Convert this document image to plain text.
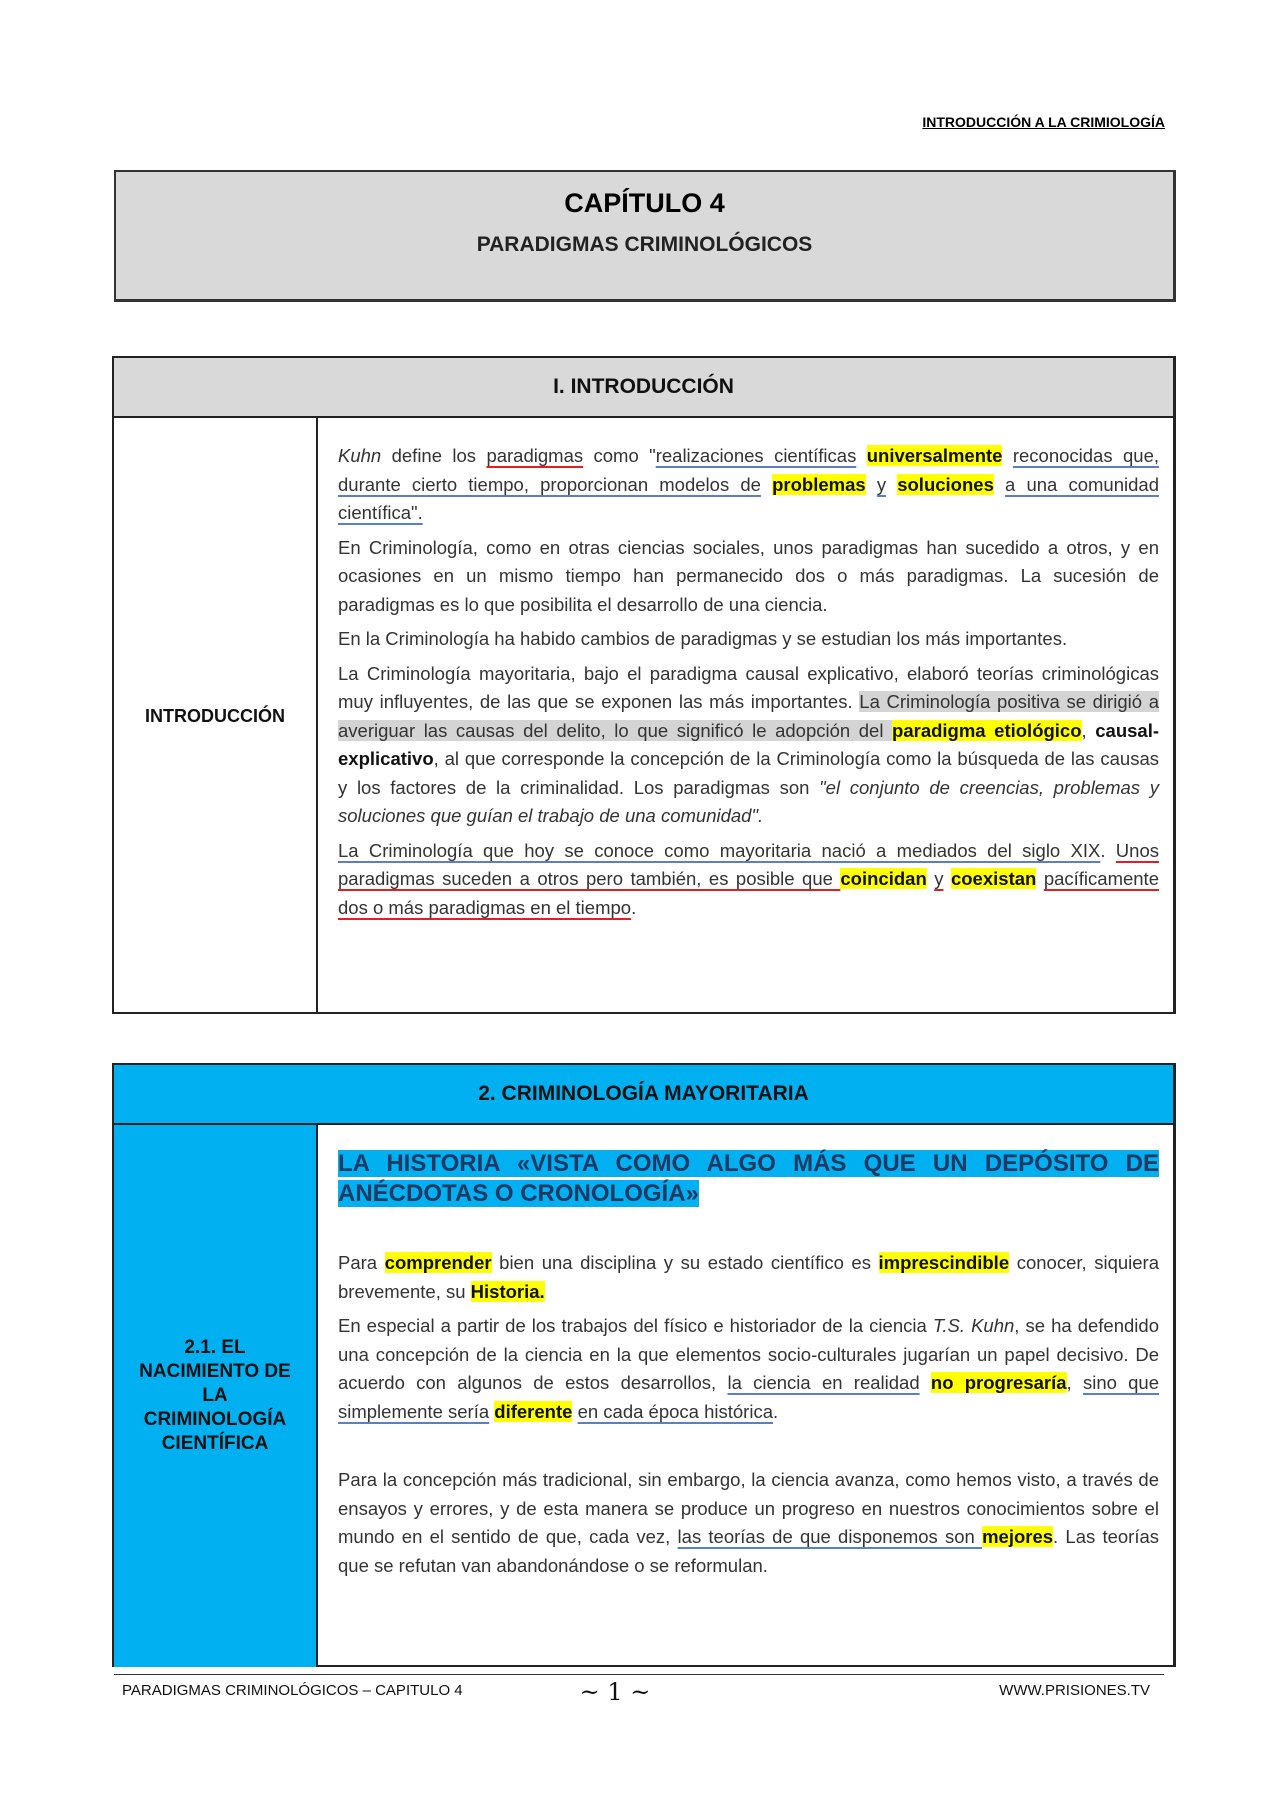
INTRODUCCIÓN A LA CRIMIOLOGÍA
CAPÍTULO 4
PARADIGMAS CRIMINOLÓGICOS
I. INTRODUCCIÓN
INTRODUCCIÓN

Kuhn define los paradigmas como "realizaciones científicas universalmente reconocidas que, durante cierto tiempo, proporcionan modelos de problemas y soluciones a una comunidad científica".

En Criminología, como en otras ciencias sociales, unos paradigmas han sucedido a otros, y en ocasiones en un mismo tiempo han permanecido dos o más paradigmas. La sucesión de paradigmas es lo que posibilita el desarrollo de una ciencia.

En la Criminología ha habido cambios de paradigmas y se estudian los más importantes.

La Criminología mayoritaria, bajo el paradigma causal explicativo, elaboró teorías criminológicas muy influyentes, de las que se exponen las más importantes. La Criminología positiva se dirigió a averiguar las causas del delito, lo que significó le adopción del paradigma etiológico, causal-explicativo, al que corresponde la concepción de la Criminología como la búsqueda de las causas y los factores de la criminalidad. Los paradigmas son "el conjunto de creencias, problemas y soluciones que guían el trabajo de una comunidad".

La Criminología que hoy se conoce como mayoritaria nació a mediados del siglo XIX. Unos paradigmas suceden a otros pero también, es posible que coincidan y coexistan pacíficamente dos o más paradigmas en el tiempo.

2. CRIMINOLOGÍA MAYORITARIA
2.1. EL
NACIMIENTO DE
LA
CRIMINOLOGÍA
CIENTÍFICA
LA HISTORIA «VISTA COMO ALGO MÁS QUE UN DEPÓSITO DE ANÉCDOTAS O CRONOLOGÍA»

Para comprender bien una disciplina y su estado científico es imprescindible conocer, siquiera brevemente, su Historia.

En especial a partir de los trabajos del físico e historiador de la ciencia T.S. Kuhn, se ha defendido una concepción de la ciencia en la que elementos socio-culturales jugarían un papel decisivo. De acuerdo con algunos de estos desarrollos, la ciencia en realidad no progresaría, sino que simplemente sería diferente en cada época histórica.

Para la concepción más tradicional, sin embargo, la ciencia avanza, como hemos visto, a través de ensayos y errores, y de esta manera se produce un progreso en nuestros conocimientos sobre el mundo en el sentido de que, cada vez, las teorías de que disponemos son mejores. Las teorías que se refutan van abandonándose o se reformulan.

PARADIGMAS CRIMINOLÓGICOS – CAPITULO 4	~ 1 ~	WWW.PRISIONES.TV
